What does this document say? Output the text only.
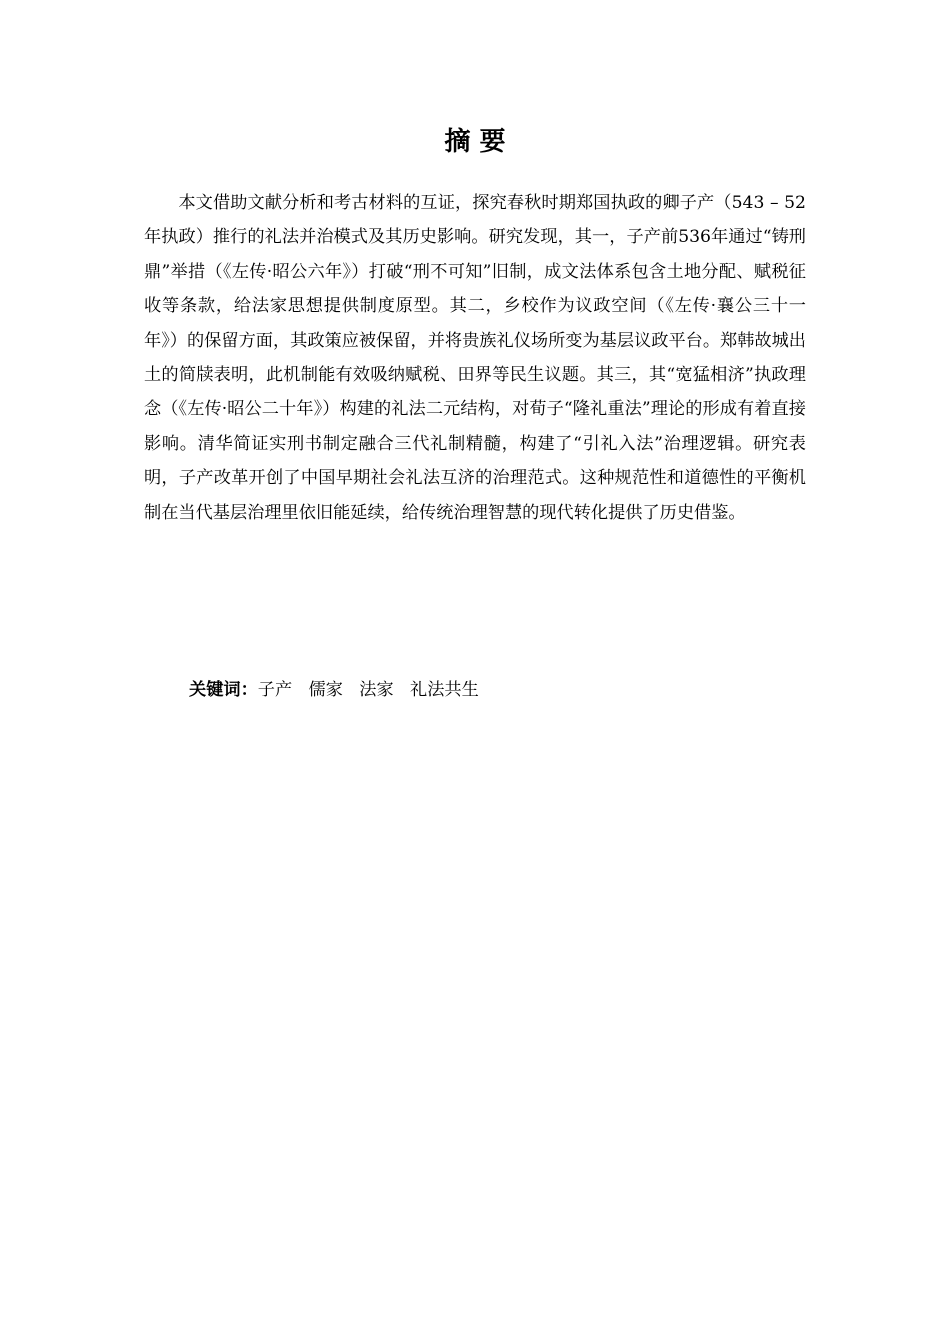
摘 要

本文借助文献分析和考古材料的互证，探究春秋时期郑国执政的卿子产（543 – 52年执政）推行的礼法并治模式及其历史影响。研究发现，其一，子产前536年通过“铸刑鼎”举措（《左传·昭公六年》）打破“刑不可知”旧制，成文法体系包含土地分配、赋税征收等条款，给法家思想提供制度原型。其二，乡校作为议政空间（《左传·襄公三十一年》）的保留方面，其政策应被保留，并将贵族礼仪场所变为基层议政平台。郑韩故城出土的简牍表明，此机制能有效吸纳赋税、田界等民生议题。其三，其“宽猛相济”执政理念（《左传·昭公二十年》）构建的礼法二元结构，对荀子“隆礼重法”理论的形成有着直接影响。清华简证实刑书制定融合三代礼制精髓，构建了“引礼入法”治理逻辑。研究表明，子产改革开创了中国早期社会礼法互济的治理范式。这种规范性和道德性的平衡机制在当代基层治理里依旧能延续，给传统治理智慧的现代转化提供了历史借鉴。

关键词：子产   儒家   法家   礼法共生
